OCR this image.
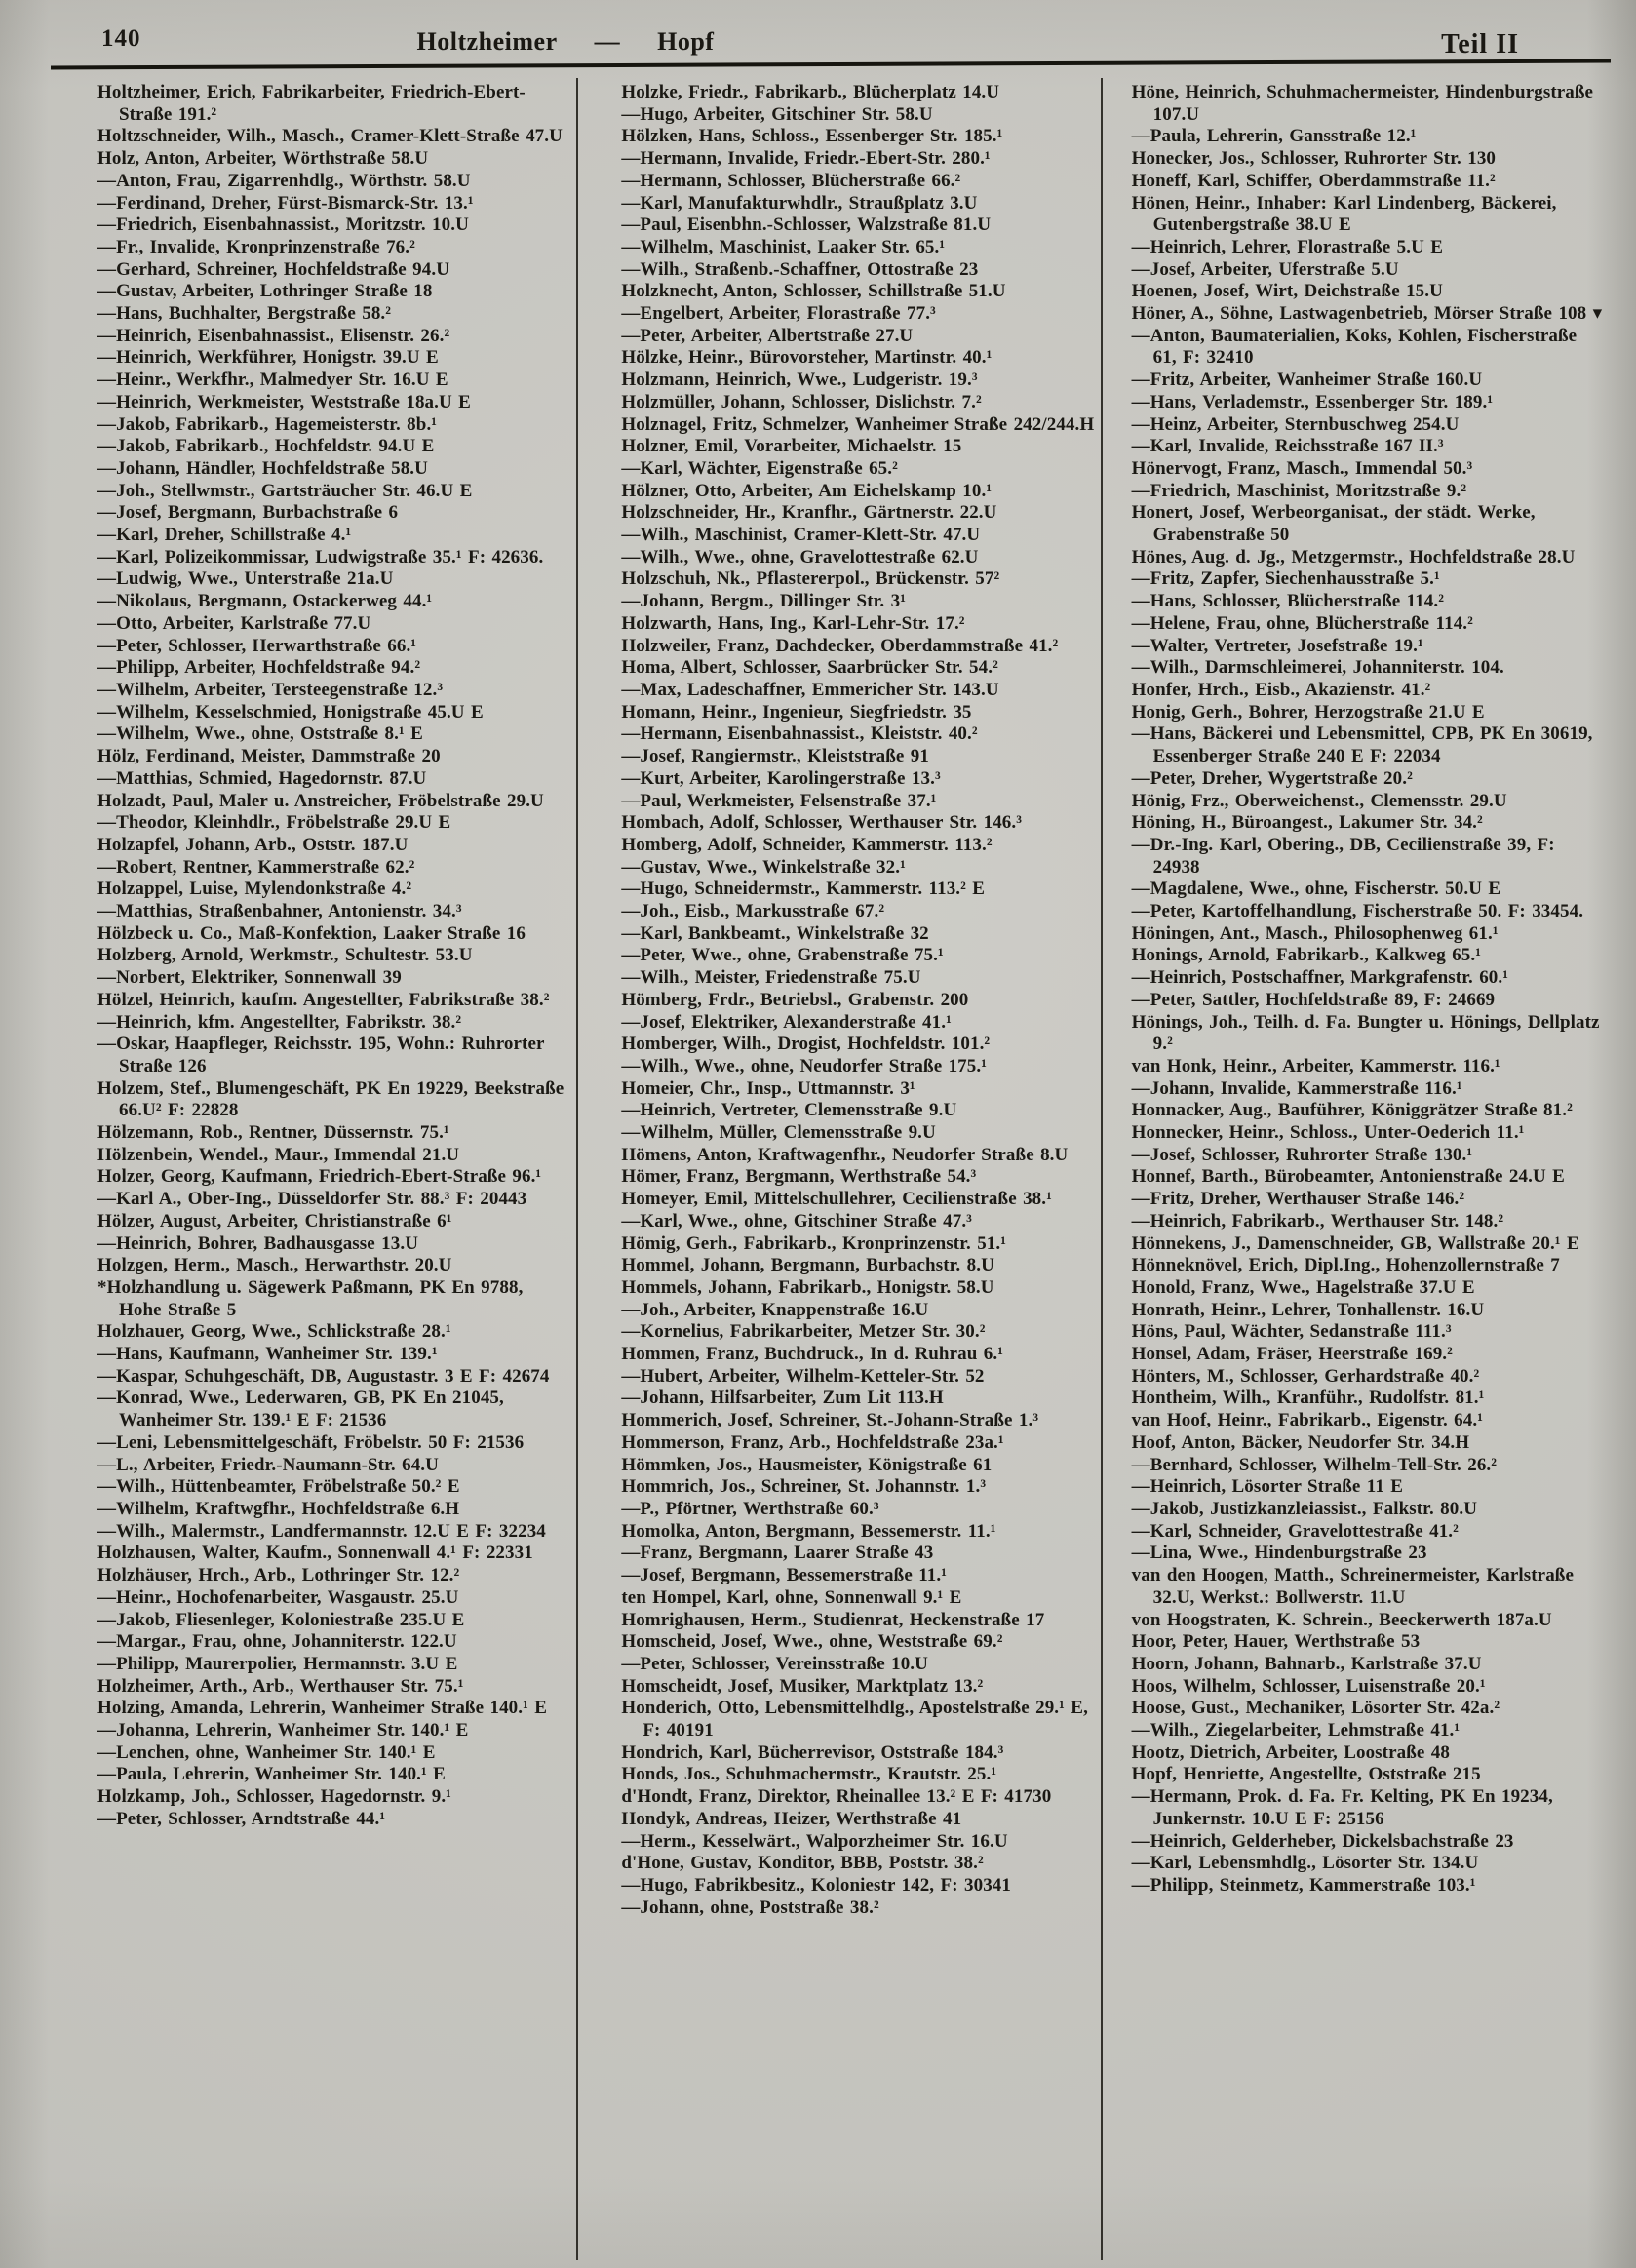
140	Holtzheimer — Hopf	Teil II
Holtzheimer, Erich, Fabrikarbeiter, Friedrich-Ebert-Straße 191.²
Holtzschneider, Wilh., Masch., Cramer-Klett-Straße 47.U
Holz, Anton, Arbeiter, Wörthstraße 58.U
—Anton, Frau, Zigarrenhdlg., Wörthstr. 58.U
—Ferdinand, Dreher, Fürst-Bismarck-Str. 13.¹
—Friedrich, Eisenbahnassist., Moritzstr. 10.U
—Fr., Invalide, Kronprinzenstraße 76.²
—Gerhard, Schreiner, Hochfeldstraße 94.U
—Gustav, Arbeiter, Lothringer Straße 18
—Hans, Buchhalter, Bergstraße 58.²
—Heinrich, Eisenbahnassist., Elisenstr. 26.²
—Heinrich, Werkführer, Honigstr. 39.U E
—Heinr., Werkfhr., Malmedyer Str. 16.U E
—Heinrich, Werkmeister, Weststraße 18a.U E
—Jakob, Fabrikarb., Hagemeisterstr. 8b.¹
—Jakob, Fabrikarb., Hochfeldstr. 94.U E
—Johann, Händler, Hochfeldstraße 58.U
—Joh., Stellwmstr., Gartsträucher Str. 46.U E
—Josef, Bergmann, Burbachstraße 6
—Karl, Dreher, Schillstraße 4.¹
—Karl, Polizeikommissar, Ludwigstraße 35.¹ F: 42636.
—Ludwig, Wwe., Unterstraße 21a.U
—Nikolaus, Bergmann, Ostackerweg 44.¹
—Otto, Arbeiter, Karlstraße 77.U
—Peter, Schlosser, Herwarthstraße 66.¹
—Philipp, Arbeiter, Hochfeldstraße 94.²
—Wilhelm, Arbeiter, Tersteegenstraße 12.³
—Wilhelm, Kesselschmied, Honigstraße 45.U E
—Wilhelm, Wwe., ohne, Oststraße 8.¹ E
Hölz, Ferdinand, Meister, Dammstraße 20
—Matthias, Schmied, Hagedornstr. 87.U
Holzadt, Paul, Maler u. Anstreicher, Fröbelstraße 29.U
—Theodor, Kleinhdlr., Fröbelstraße 29.U E
Holzapfel, Johann, Arb., Oststr. 187.U
—Robert, Rentner, Kammerstraße 62.²
Holzappel, Luise, Mylendonkstraße 4.²
—Matthias, Straßenbahner, Antonienstr. 34.³
Hölzbeck u. Co., Maß-Konfektion, Laaker Straße 16
Holzberg, Arnold, Werkmstr., Schultestr. 53.U
—Norbert, Elektriker, Sonnenwall 39
Hölzel, Heinrich, kaufm. Angestellter, Fabrikstraße 38.²
—Heinrich, kfm. Angestellter, Fabrikstr. 38.²
—Oskar, Haapfleger, Reichsstr. 195, Wohn.: Ruhrorter Straße 126
Holzem, Stef., Blumengeschäft, PK En 19229, Beekstraße 66.U² F: 22828
Hölzemann, Rob., Rentner, Düssernstr. 75.¹
Hölzenbein, Wendel., Maur., Immendal 21.U
Holzer, Georg, Kaufmann, Friedrich-Ebert-Straße 96.¹
—Karl A., Ober-Ing., Düsseldorfer Str. 88.³ F: 20443
Hölzer, August, Arbeiter, Christianstraße 6¹
—Heinrich, Bohrer, Badhausgasse 13.U
Holzgen, Herm., Masch., Herwarthstr. 20.U
*Holzhandlung u. Sägewerk Paßmann, PK En 9788, Hohe Straße 5
Holzhauer, Georg, Wwe., Schlickstraße 28.¹
—Hans, Kaufmann, Wanheimer Str. 139.¹
—Kaspar, Schuhgeschäft, DB, Augustastr. 3 E F: 42674
—Konrad, Wwe., Lederwaren, GB, PK En 21045, Wanheimer Str. 139.¹ E F: 21536
—Leni, Lebensmittelgeschäft, Fröbelstr. 50 F: 21536
—L., Arbeiter, Friedr.-Naumann-Str. 64.U
—Wilh., Hüttenbeamter, Fröbelstraße 50.² E
—Wilhelm, Kraftwgfhr., Hochfeldstraße 6.H
—Wilh., Malermstr., Landfermannstr. 12.U E F: 32234
Holzhausen, Walter, Kaufm., Sonnenwall 4.¹ F: 22331
Holzhäuser, Hrch., Arb., Lothringer Str. 12.²
—Heinr., Hochofenarbeiter, Wasgaustr. 25.U
—Jakob, Fliesenleger, Koloniestraße 235.U E
—Margar., Frau, ohne, Johanniterstr. 122.U
—Philipp, Maurerpolier, Hermannstr. 3.U E
Holzheimer, Arth., Arb., Werthauser Str. 75.¹
Holzing, Amanda, Lehrerin, Wanheimer Straße 140.¹ E
—Johanna, Lehrerin, Wanheimer Str. 140.¹ E
—Lenchen, ohne, Wanheimer Str. 140.¹ E
—Paula, Lehrerin, Wanheimer Str. 140.¹ E
Holzkamp, Joh., Schlosser, Hagedornstr. 9.¹
—Peter, Schlosser, Arndtstraße 44.¹
Holzke, Friedr., Fabrikarb., Blücherplatz 14.U
—Hugo, Arbeiter, Gitschiner Str. 58.U
Hölzken, Hans, Schloss., Essenberger Str. 185.¹
—Hermann, Invalide, Friedr.-Ebert-Str. 280.¹
—Hermann, Schlosser, Blücherstraße 66.²
—Karl, Manufakturwhdlr., Straußplatz 3.U
—Paul, Eisenbhn.-Schlosser, Walzstraße 81.U
—Wilhelm, Maschinist, Laaker Str. 65.¹
—Wilh., Straßenb.-Schaffner, Ottostraße 23
Holzknecht, Anton, Schlosser, Schillstraße 51.U
—Engelbert, Arbeiter, Florastraße 77.³
—Peter, Arbeiter, Albertstraße 27.U
Hölzke, Heinr., Bürovorsteher, Martinstr. 40.¹
Holzmann, Heinrich, Wwe., Ludgeristr. 19.³
Holzmüller, Johann, Schlosser, Dislichstr. 7.²
Holznagel, Fritz, Schmelzer, Wanheimer Straße 242/244.H
Holzner, Emil, Vorarbeiter, Michaelstr. 15
—Karl, Wächter, Eigenstraße 65.²
Hölzner, Otto, Arbeiter, Am Eichelskamp 10.¹
Holzschneider, Hr., Kranfhr., Gärtnerstr. 22.U
—Wilh., Maschinist, Cramer-Klett-Str. 47.U
—Wilh., Wwe., ohne, Gravelottestraße 62.U
Holzschuh, Nk., Pflastererpol., Brückenstr. 57²
—Johann, Bergm., Dillinger Str. 3¹
Holzwarth, Hans, Ing., Karl-Lehr-Str. 17.²
Holzweiler, Franz, Dachdecker, Oberdammstraße 41.²
Homa, Albert, Schlosser, Saarbrücker Str. 54.²
—Max, Ladeschaffner, Emmericher Str. 143.U
Homann, Heinr., Ingenieur, Siegfriedstr. 35
—Hermann, Eisenbahnassist., Kleiststr. 40.²
—Josef, Rangiermstr., Kleiststraße 91
—Kurt, Arbeiter, Karolingerstraße 13.³
—Paul, Werkmeister, Felsenstraße 37.¹
Hombach, Adolf, Schlosser, Werthauser Str. 146.³
Homberg, Adolf, Schneider, Kammerstr. 113.²
—Gustav, Wwe., Winkelstraße 32.¹
—Hugo, Schneidermstr., Kammerstr. 113.² E
—Joh., Eisb., Markusstraße 67.²
—Karl, Bankbeamt., Winkelstraße 32
—Peter, Wwe., ohne, Grabenstraße 75.¹
—Wilh., Meister, Friedenstraße 75.U
Hömberg, Frdr., Betriebsl., Grabenstr. 200
—Josef, Elektriker, Alexanderstraße 41.¹
Homberger, Wilh., Drogist, Hochfeldstr. 101.²
—Wilh., Wwe., ohne, Neudorfer Straße 175.¹
Homeier, Chr., Insp., Uttmannstr. 3¹
—Heinrich, Vertreter, Clemensstraße 9.U
—Wilhelm, Müller, Clemensstraße 9.U
Hömens, Anton, Kraftwagenfhr., Neudorfer Straße 8.U
Hömer, Franz, Bergmann, Werthstraße 54.³
Homeyer, Emil, Mittelschullehrer, Cecilienstraße 38.¹
—Karl, Wwe., ohne, Gitschiner Straße 47.³
Hömig, Gerh., Fabrikarb., Kronprinzenstr. 51.¹
Hommel, Johann, Bergmann, Burbachstr. 8.U
Hommels, Johann, Fabrikarb., Honigstr. 58.U
—Joh., Arbeiter, Knappenstraße 16.U
—Kornelius, Fabrikarbeiter, Metzer Str. 30.²
Hommen, Franz, Buchdruck., In d. Ruhrau 6.¹
—Hubert, Arbeiter, Wilhelm-Ketteler-Str. 52
—Johann, Hilfsarbeiter, Zum Lit 113.H
Hommerich, Josef, Schreiner, St.-Johann-Straße 1.³
Hommerson, Franz, Arb., Hochfeldstraße 23a.¹
Hömmken, Jos., Hausmeister, Königstraße 61
Hommrich, Jos., Schreiner, St. Johannstr. 1.³
—P., Pförtner, Werthstraße 60.³
Homolka, Anton, Bergmann, Bessemerstr. 11.¹
—Franz, Bergmann, Laarer Straße 43
—Josef, Bergmann, Bessemerstraße 11.¹
ten Hompel, Karl, ohne, Sonnenwall 9.¹ E
Homrighausen, Herm., Studienrat, Heckenstraße 17
Homscheid, Josef, Wwe., ohne, Weststraße 69.²
—Peter, Schlosser, Vereinsstraße 10.U
Homscheidt, Josef, Musiker, Marktplatz 13.²
Honderich, Otto, Lebensmittelhdlg., Apostelstraße 29.¹ E, F: 40191
Hondrich, Karl, Bücherrevisor, Oststraße 184.³
Honds, Jos., Schuhmachermstr., Krautstr. 25.¹
d'Hondt, Franz, Direktor, Rheinallee 13.² E F: 41730
Hondyk, Andreas, Heizer, Werthstraße 41
—Herm., Kesselwärt., Walporzheimer Str. 16.U
d'Hone, Gustav, Konditor, BBB, Poststr. 38.²
—Hugo, Fabrikbesitz., Koloniestr 142, F: 30341
—Johann, ohne, Poststraße 38.²
Höne, Heinrich, Schuhmachermeister, Hindenburgstraße 107.U
—Paula, Lehrerin, Gansstraße 12.¹
Honecker, Jos., Schlosser, Ruhrorter Str. 130
Honeff, Karl, Schiffer, Oberdammstraße 11.²
Hönen, Heinr., Inhaber: Karl Lindenberg, Bäckerei, Gutenbergstraße 38.U E
—Heinrich, Lehrer, Florastraße 5.U E
—Josef, Arbeiter, Uferstraße 5.U
Hoenen, Josef, Wirt, Deichstraße 15.U
Höner, A., Söhne, Lastwagenbetrieb, Mörser Straße 108 ▾
—Anton, Baumaterialien, Koks, Kohlen, Fischerstraße 61, F: 32410
—Fritz, Arbeiter, Wanheimer Straße 160.U
—Hans, Verlademstr., Essenberger Str. 189.¹
—Heinz, Arbeiter, Sternbuschweg 254.U
—Karl, Invalide, Reichsstraße 167 II.³
Hönervogt, Franz, Masch., Immendal 50.³
—Friedrich, Maschinist, Moritzstraße 9.²
Honert, Josef, Werbeorganisat., der städt. Werke, Grabenstraße 50
Hönes, Aug. d. Jg., Metzgermstr., Hochfeldstraße 28.U
—Fritz, Zapfer, Siechenhausstraße 5.¹
—Hans, Schlosser, Blücherstraße 114.²
—Helene, Frau, ohne, Blücherstraße 114.²
—Walter, Vertreter, Josefstraße 19.¹
—Wilh., Darmschleimerei, Johanniterstr. 104.
Honfer, Hrch., Eisb., Akazienstr. 41.²
Honig, Gerh., Bohrer, Herzogstraße 21.U E
—Hans, Bäckerei und Lebensmittel, CPB, PK En 30619, Essenberger Straße 240 E F: 22034
—Peter, Dreher, Wygertstraße 20.²
Hönig, Frz., Oberweichenst., Clemensstr. 29.U
Höning, H., Büroangest., Lakumer Str. 34.²
—Dr.-Ing. Karl, Obering., DB, Cecilienstraße 39, F: 24938
—Magdalene, Wwe., ohne, Fischerstr. 50.U E
—Peter, Kartoffelhandlung, Fischerstraße 50. F: 33454.
Höningen, Ant., Masch., Philosophenweg 61.¹
Honings, Arnold, Fabrikarb., Kalkweg 65.¹
—Heinrich, Postschaffner, Markgrafenstr. 60.¹
—Peter, Sattler, Hochfeldstraße 89, F: 24669
Hönings, Joh., Teilh. d. Fa. Bungter u. Hönings, Dellplatz 9.²
van Honk, Heinr., Arbeiter, Kammerstr. 116.¹
—Johann, Invalide, Kammerstraße 116.¹
Honnacker, Aug., Bauführer, Königgrätzer Straße 81.²
Honnecker, Heinr., Schloss., Unter-Oederich 11.¹
—Josef, Schlosser, Ruhrorter Straße 130.¹
Honnef, Barth., Bürobeamter, Antonienstraße 24.U E
—Fritz, Dreher, Werthauser Straße 146.²
—Heinrich, Fabrikarb., Werthauser Str. 148.²
Hönnekens, J., Damenschneider, GB, Wallstraße 20.¹ E
Hönneknövel, Erich, Dipl.Ing., Hohenzollernstraße 7
Honold, Franz, Wwe., Hagelstraße 37.U E
Honrath, Heinr., Lehrer, Tonhallenstr. 16.U
Höns, Paul, Wächter, Sedanstraße 111.³
Honsel, Adam, Fräser, Heerstraße 169.²
Hönters, M., Schlosser, Gerhardstraße 40.²
Hontheim, Wilh., Kranführ., Rudolfstr. 81.¹
van Hoof, Heinr., Fabrikarb., Eigenstr. 64.¹
Hoof, Anton, Bäcker, Neudorfer Str. 34.H
—Bernhard, Schlosser, Wilhelm-Tell-Str. 26.²
—Heinrich, Lösorter Straße 11 E
—Jakob, Justizkanzleiassist., Falkstr. 80.U
—Karl, Schneider, Gravelottestraße 41.²
—Lina, Wwe., Hindenburgstraße 23
van den Hoogen, Matth., Schreinermeister, Karlstraße 32.U, Werkst.: Bollwerstr. 11.U
von Hoogstraten, K. Schrein., Beeckerwerth 187a.U
Hoor, Peter, Hauer, Werthstraße 53
Hoorn, Johann, Bahnarb., Karlstraße 37.U
Hoos, Wilhelm, Schlosser, Luisenstraße 20.¹
Hoose, Gust., Mechaniker, Lösorter Str. 42a.²
—Wilh., Ziegelarbeiter, Lehmstraße 41.¹
Hootz, Dietrich, Arbeiter, Loostraße 48
Hopf, Henriette, Angestellte, Oststraße 215
—Hermann, Prok. d. Fa. Fr. Kelting, PK En 19234, Junkernstr. 10.U E F: 25156
—Heinrich, Gelderheber, Dickelsbachstraße 23
—Karl, Lebensmhdlg., Lösorter Str. 134.U
—Philipp, Steinmetz, Kammerstraße 103.¹
